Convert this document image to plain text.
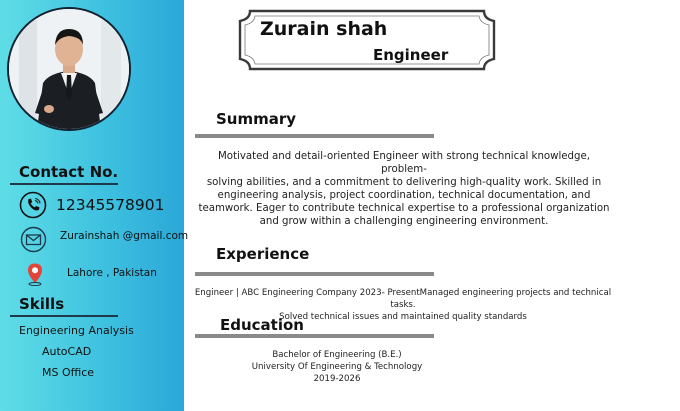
Contact No.
12345578901
Zurainshah @gmail.com
Lahore , Pakistan
Skills
Engineering Analysis
AutoCAD
MS Office
Zurain shah
Engineer
Summary
Motivated and detail-oriented Engineer with strong technical knowledge, problem-
solving abilities, and a commitment to delivering high-quality work. Skilled in
engineering analysis, project coordination, technical documentation, and
teamwork. Eager to contribute technical expertise to a professional organization
and grow within a challenging engineering environment.
Experience
Engineer | ABC Engineering Company 2023- PresentManaged engineering projects and technical tasks.
Solved technical issues and maintained quality standards
Education
Bachelor of Engineering (B.E.)
University Of Engineering & Technology
2019-2026
